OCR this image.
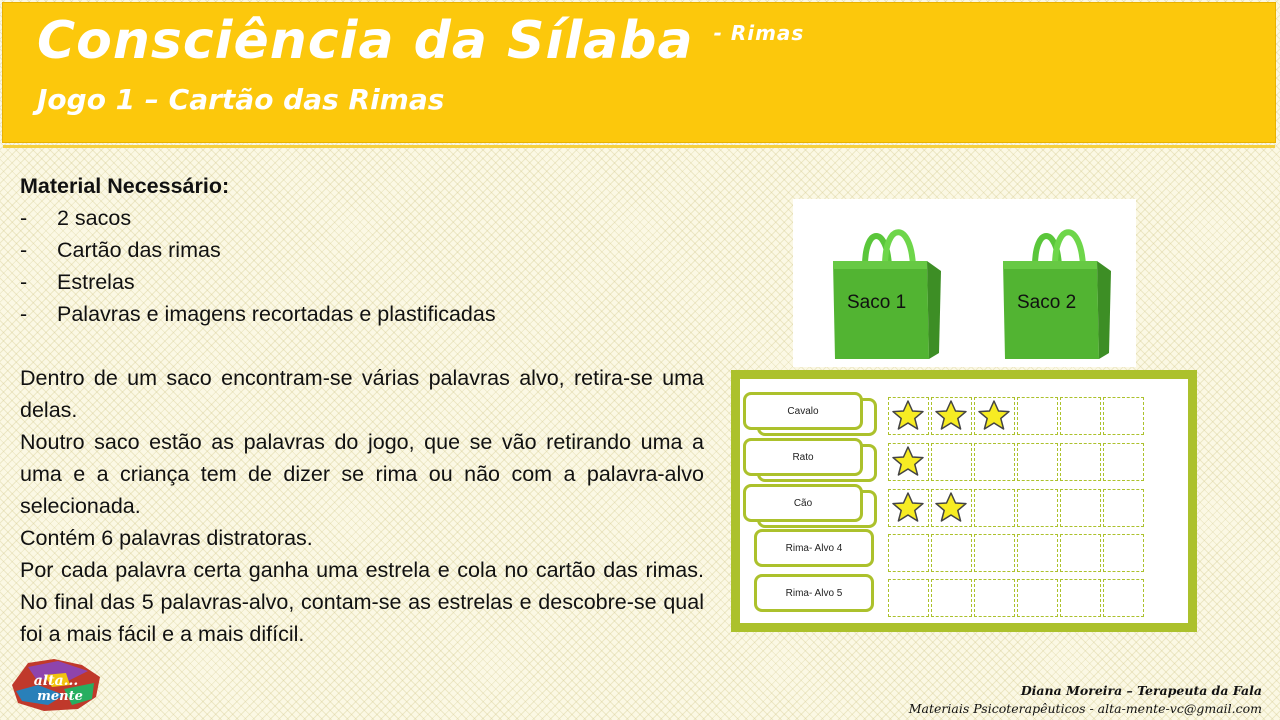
Consciência da Sílaba $^{- Rimas}$
Jogo 1 – Cartão das Rimas
Material Necessário:
- 2 sacos
- Cartão das rimas
- Estrelas
- Palavras e imagens recortadas e plastificadas

Dentro de um saco encontram-se várias palavras alvo, retira-se uma delas.

Noutro saco estão as palavras do jogo, que se vão retirando uma a uma e a criança tem de dizer se rima ou não com a palavra-alvo selecionada.

Contém 6 palavras distratoras.

Por cada palavra certa ganha uma estrela e cola no cartão das rimas. No final das 5 palavras-alvo, contam-se as estrelas e descobre-se qual foi a mais fácil e a mais difícil.

Saco 1	Saco 2
Cavalo
Rato
Cão
Rima- Alvo 4
Rima- Alvo 5
alta...
mente	Diana Moreira – Terapeuta da Fala
Materiais Psicoterapêuticos - alta-mente-vc@gmail.com
